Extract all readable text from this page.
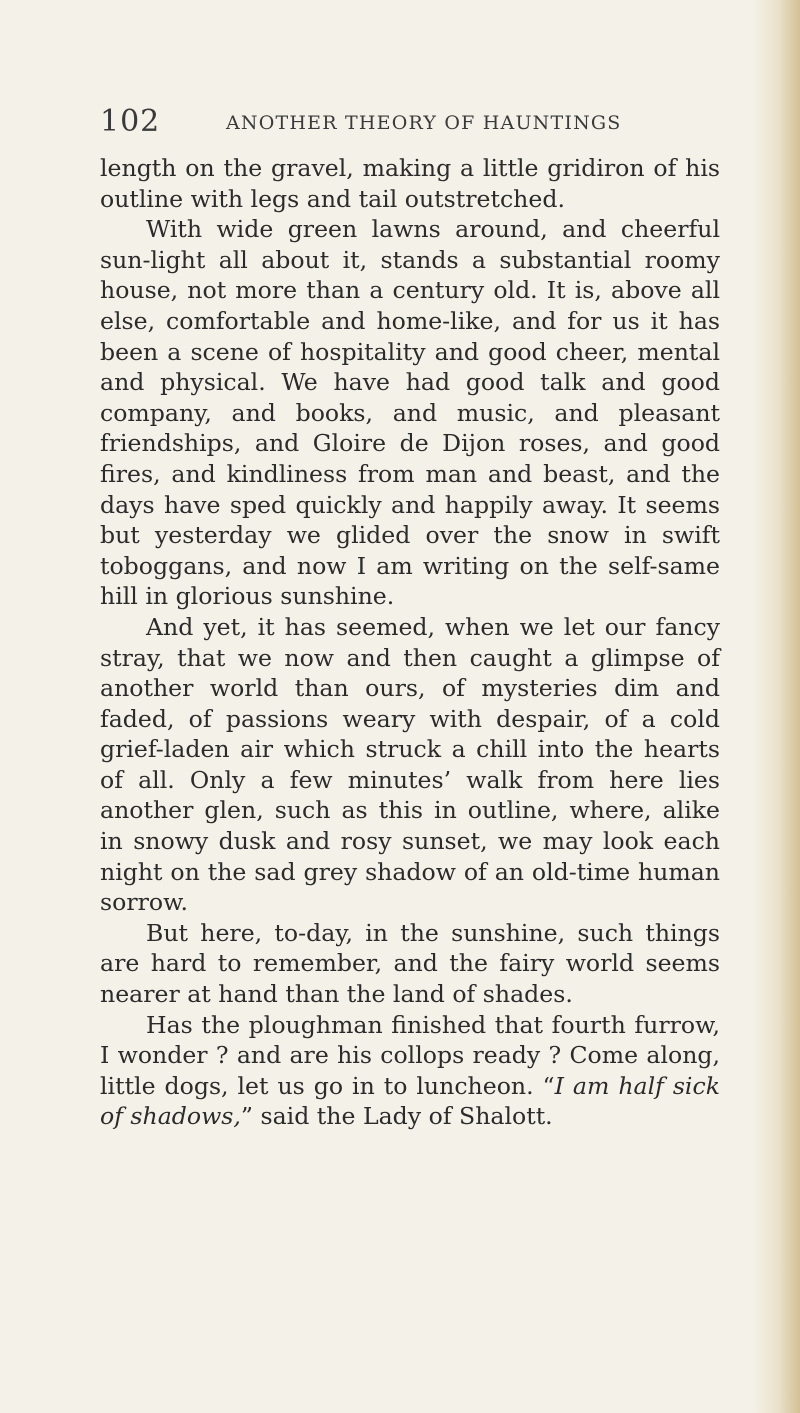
102	ANOTHER THEORY OF HAUNTINGS

length on the gravel, making a little gridiron of his outline with legs and tail outstretched.

With wide green lawns around, and cheerful sun-light all about it, stands a substantial roomy house, not more than a century old. It is, above all else, comfortable and home-like, and for us it has been a scene of hospitality and good cheer, mental and physical. We have had good talk and good company, and books, and music, and pleasant friendships, and Gloire de Dijon roses, and good fires, and kindliness from man and beast, and the days have sped quickly and happily away. It seems but yesterday we glided over the snow in swift toboggans, and now I am writing on the self-same hill in glorious sunshine.

And yet, it has seemed, when we let our fancy stray, that we now and then caught a glimpse of another world than ours, of mysteries dim and faded, of passions weary with despair, of a cold grief-laden air which struck a chill into the hearts of all. Only a few minutes’ walk from here lies another glen, such as this in outline, where, alike in snowy dusk and rosy sunset, we may look each night on the sad grey shadow of an old-time human sorrow.

But here, to-day, in the sunshine, such things are hard to remember, and the fairy world seems nearer at hand than the land of shades.

Has the ploughman finished that fourth furrow, I wonder ? and are his collops ready ? Come along, little dogs, let us go in to luncheon. “I am half sick of shadows,” said the Lady of Shalott.
